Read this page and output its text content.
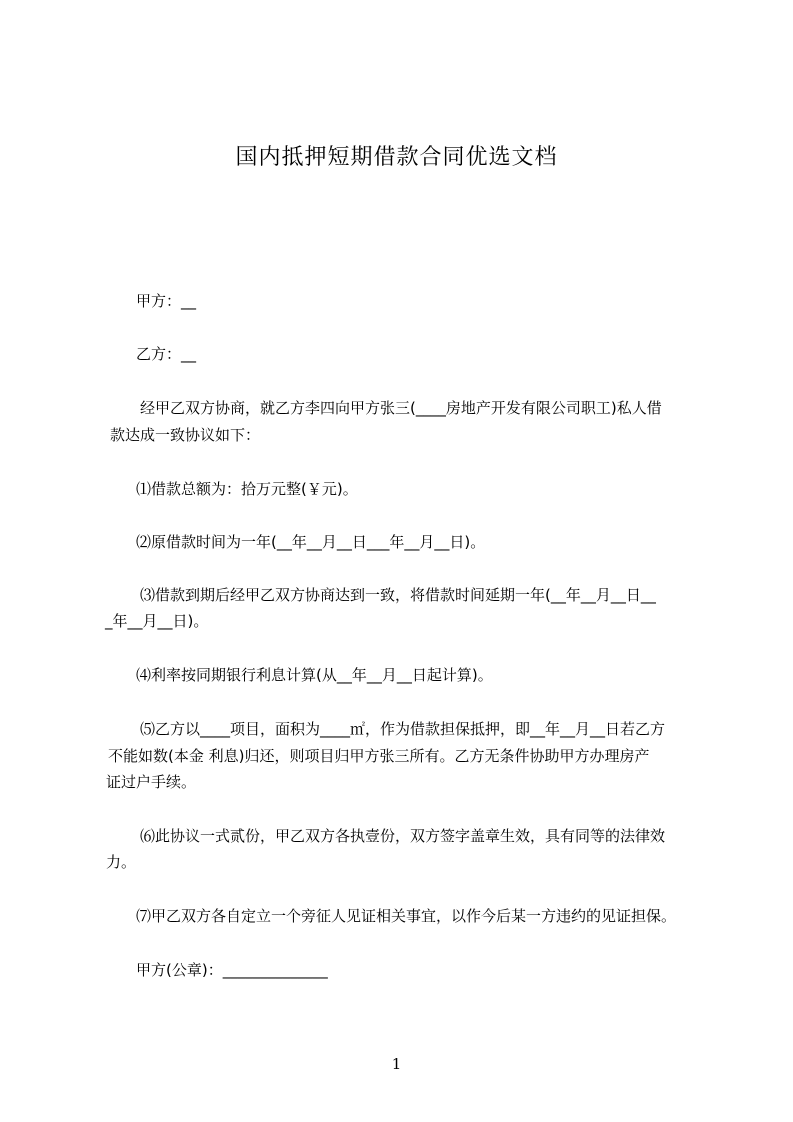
国内抵押短期借款合同优选文档
甲方：__
乙方：__
经甲乙双方协商，就乙方李四向甲方张三(____房地产开发有限公司职工)私人借
款达成一致协议如下：
⑴借款总额为：拾万元整(￥元)。
⑵原借款时间为一年(__年__月__日___年__月__日)。
⑶借款到期后经甲乙双方协商达到一致，将借款时间延期一年(__年__月__日__
_年__月__日)。
⑷利率按同期银行利息计算(从__年__月__日起计算)。
⑸乙方以____项目，面积为____㎡，作为借款担保抵押，即__年__月__日若乙方
不能如数(本金 利息)归还，则项目归甲方张三所有。乙方无条件协助甲方办理房产
证过户手续。
⑹此协议一式贰份，甲乙双方各执壹份，双方签字盖章生效，具有同等的法律效
力。
⑺甲乙双方各自定立一个旁征人见证相关事宜，以作今后某一方违约的见证担保。
甲方(公章)：______________
1
